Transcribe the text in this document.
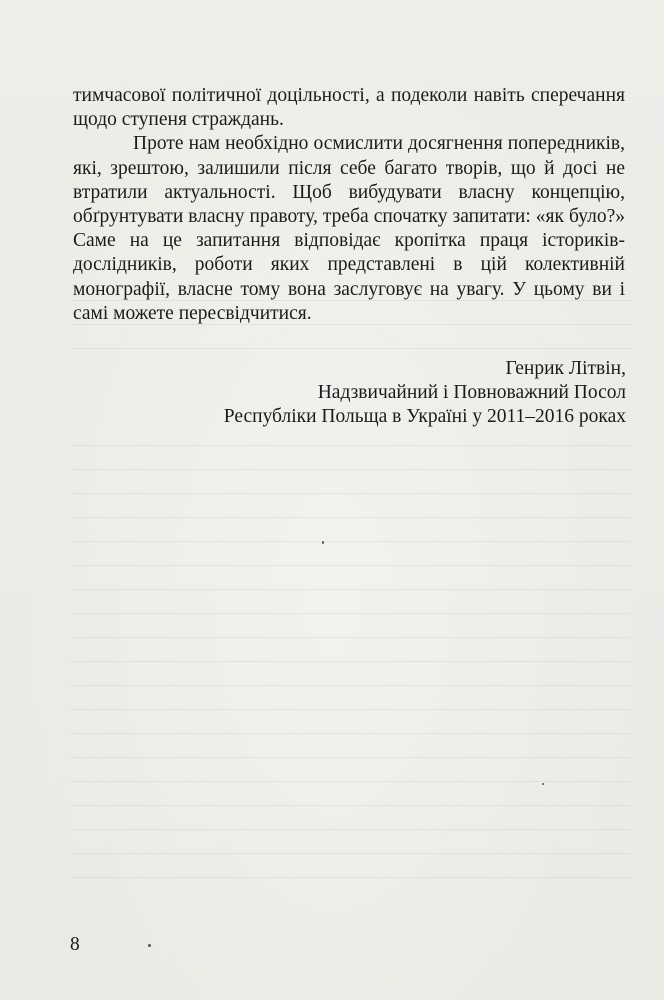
тимчасової політичної доцільності, а подеколи навіть сперечання щодо ступеня страждань.

Проте нам необхідно осмислити досягнення попередників, які, зрештою, залишили після себе багато творів, що й досі не втратили актуальності. Щоб вибудувати власну концепцію, обґрунтувати власну правоту, треба спочатку запитати: «як було?» Саме на це запитання відповідає кропітка праця істориків-дослідників, роботи яких представлені в цій колективній монографії, власне тому вона заслуговує на увагу. У цьому ви і самі можете пересвідчитися.

Генрик Літвін,
Надзвичайний і Повноважний Посол
Республіки Польща в Україні у 2011–2016 роках
8
